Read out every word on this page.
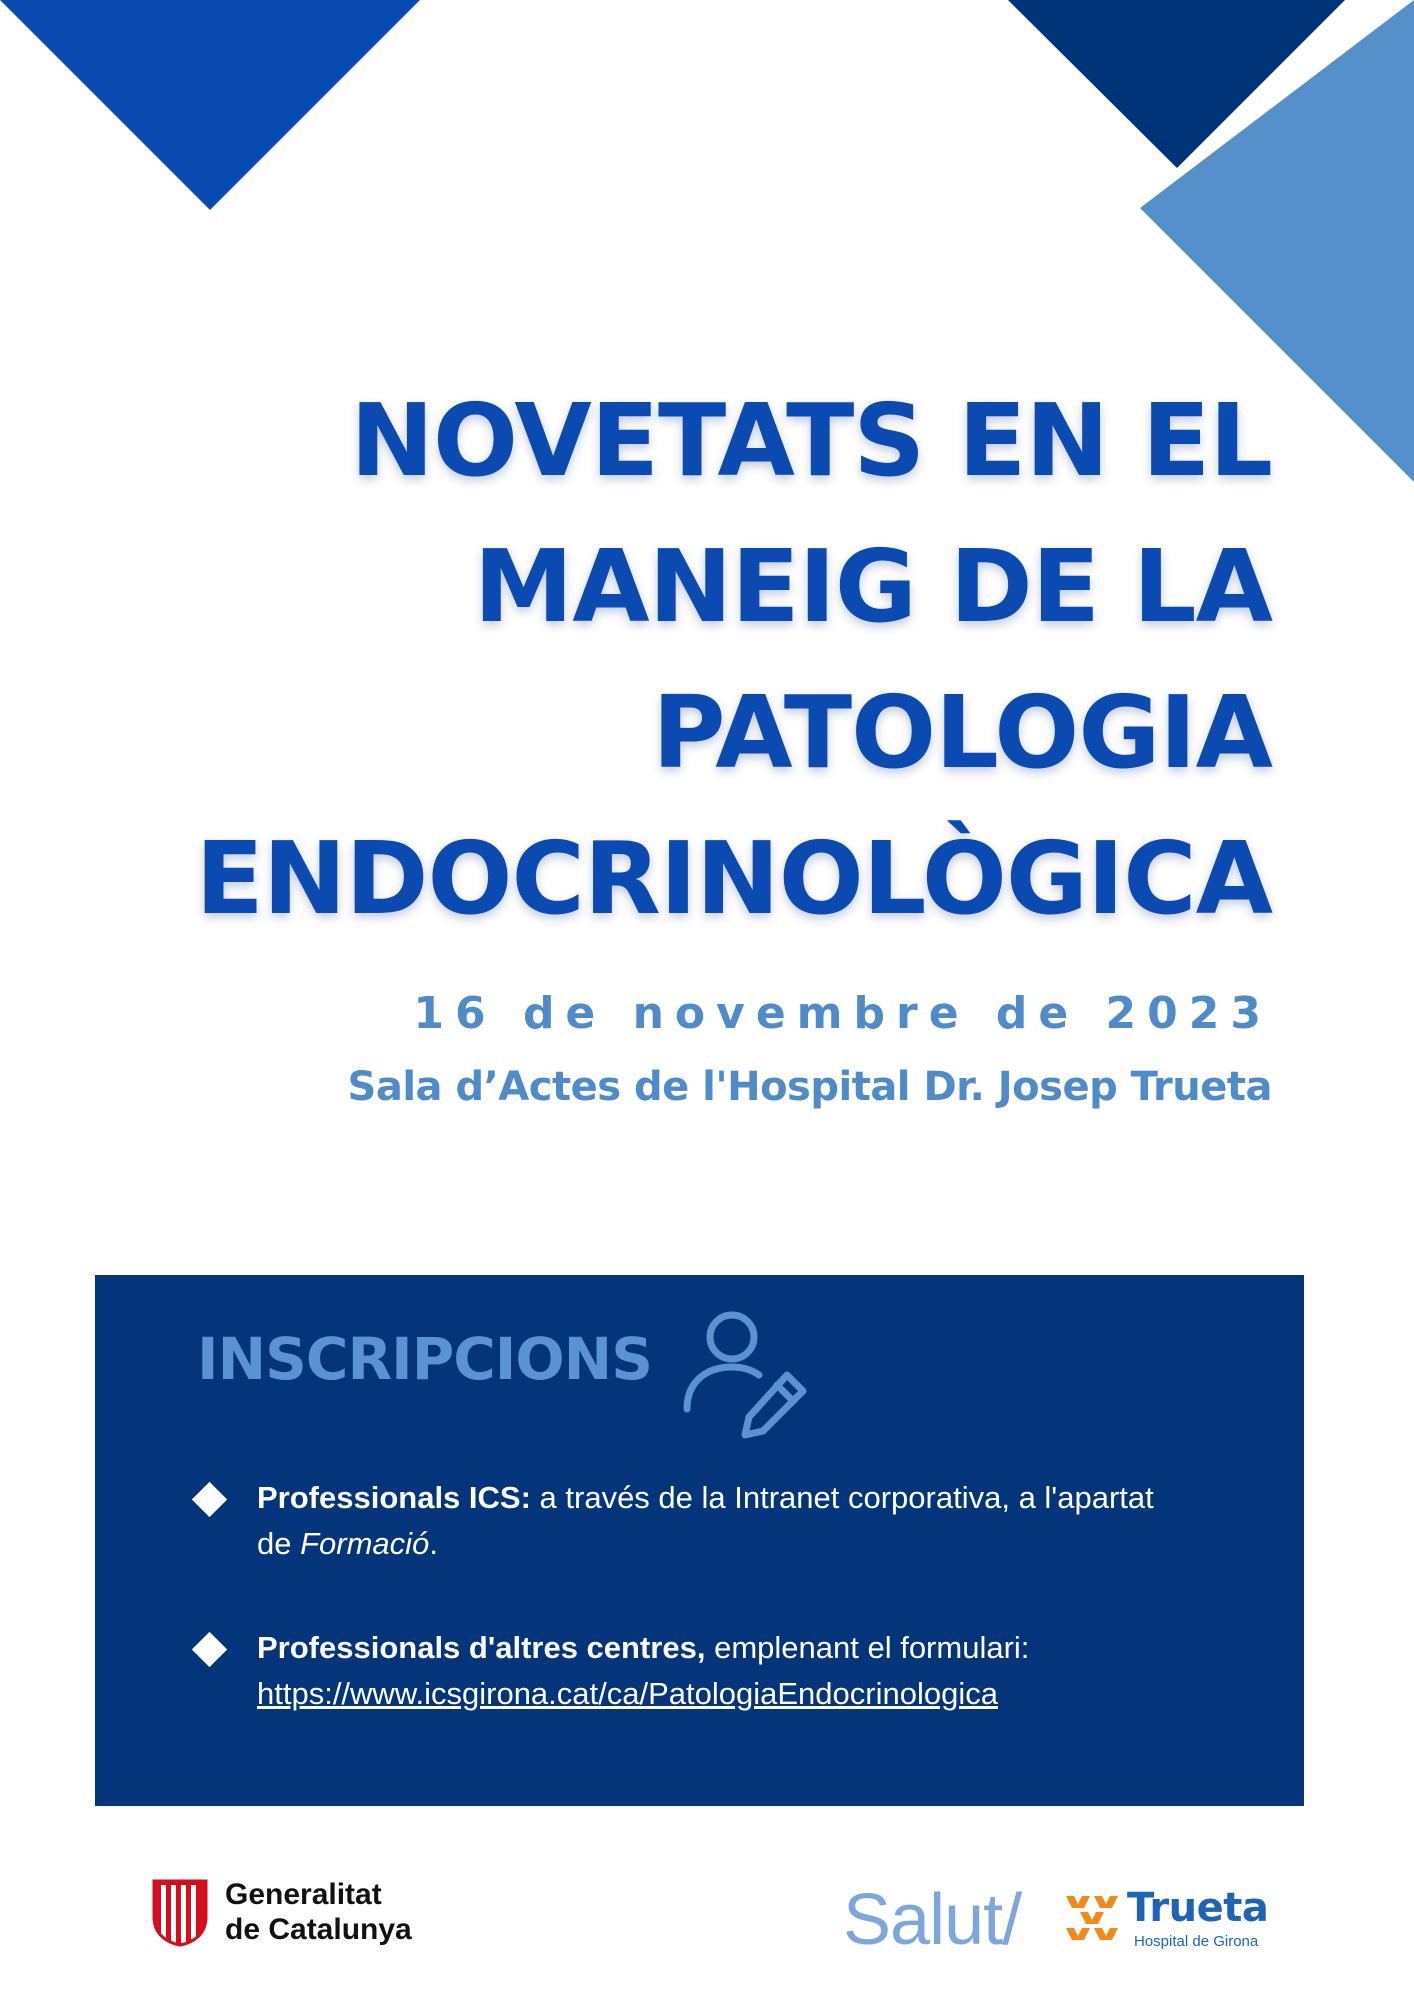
NOVETATS EN EL
MANEIG DE LA
PATOLOGIA
ENDOCRINOLÒGICA

16 de novembre de 2023

Sala d’Actes de l'Hospital Dr. Josep Trueta

INSCRIPCIONS
Professionals ICS: a través de la Intranet corporativa, a l'apartat de Formació.
Professionals d'altres centres, emplenant el formulari:
https://www.icsgirona.cat/ca/PatologiaEndocrinologica

Generalitat
de Catalunya	Salut/	Trueta

Hospital de Girona
